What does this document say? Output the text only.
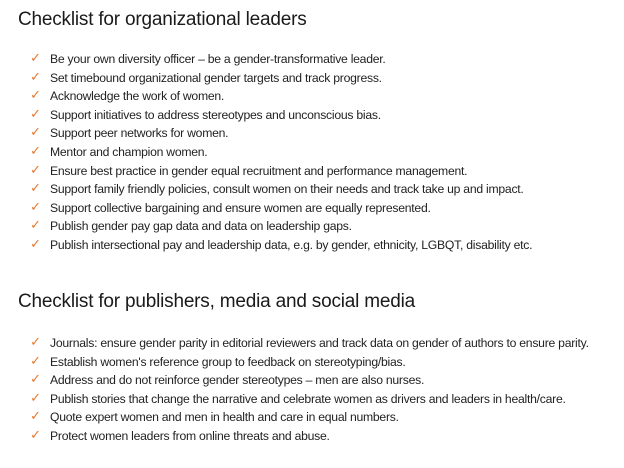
Checklist for organizational leaders
✓ Be your own diversity officer – be a gender-transformative leader.
✓ Set timebound organizational gender targets and track progress.
✓ Acknowledge the work of women.
✓ Support initiatives to address stereotypes and unconscious bias.
✓ Support peer networks for women.
✓ Mentor and champion women.
✓ Ensure best practice in gender equal recruitment and performance management.
✓ Support family friendly policies, consult women on their needs and track take up and impact.
✓ Support collective bargaining and ensure women are equally represented.
✓ Publish gender pay gap data and data on leadership gaps.
✓ Publish intersectional pay and leadership data, e.g. by gender, ethnicity, LGBQT, disability etc.
Checklist for publishers, media and social media
✓ Journals: ensure gender parity in editorial reviewers and track data on gender of authors to ensure parity.
✓ Establish women's reference group to feedback on stereotyping/bias.
✓ Address and do not reinforce gender stereotypes – men are also nurses.
✓ Publish stories that change the narrative and celebrate women as drivers and leaders in health/care.
✓ Quote expert women and men in health and care in equal numbers.
✓ Protect women leaders from online threats and abuse.
